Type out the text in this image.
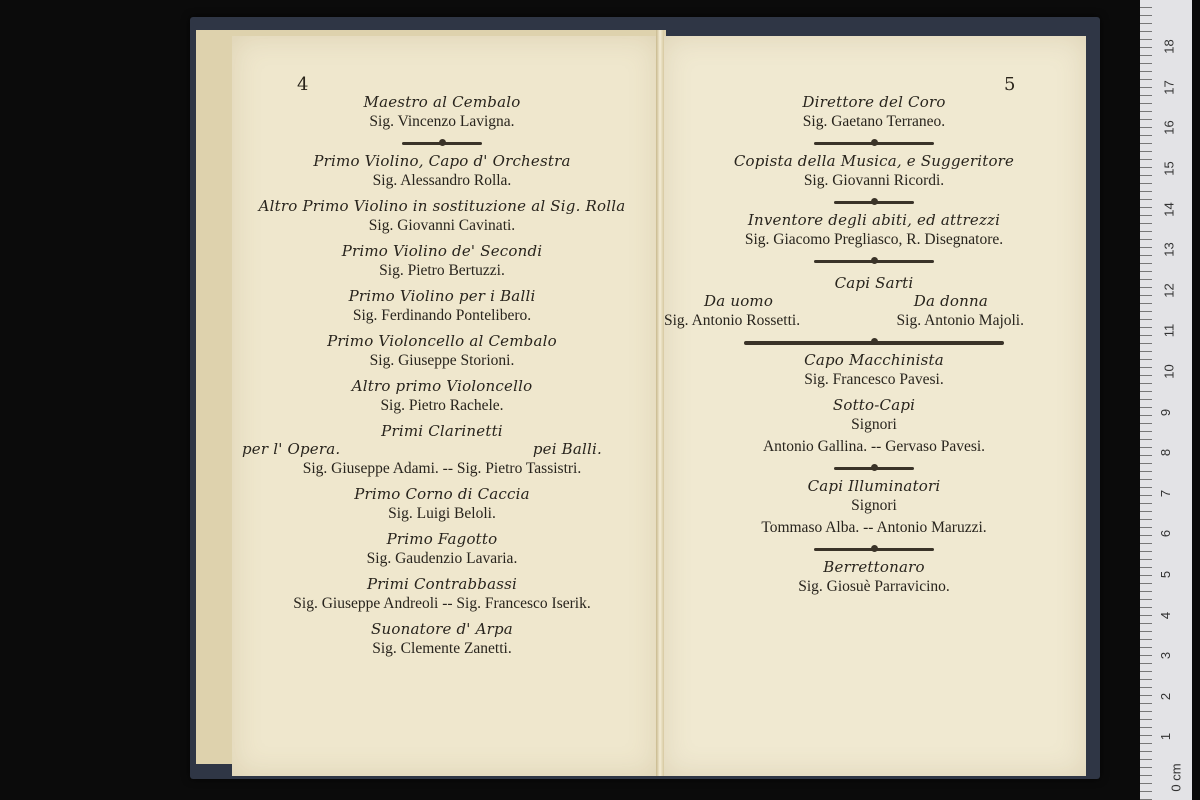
4	5
Maestro al Cembalo
Sig. Vincenzo Lavigna.
Primo Violino, Capo d' Orchestra
Sig. Alessandro Rolla.
Altro Primo Violino in sostituzione al Sig. Rolla
Sig. Giovanni Cavinati.
Primo Violino de' Secondi
Sig. Pietro Bertuzzi.
Primo Violino per i Balli
Sig. Ferdinando Pontelibero.
Primo Violoncello al Cembalo
Sig. Giuseppe Storioni.
Altro primo Violoncello
Sig. Pietro Rachele.
Primi Clarinetti
per l' Opera.	pei Balli.
Sig. Giuseppe Adami. -- Sig. Pietro Tassistri.
Primo Corno di Caccia
Sig. Luigi Beloli.
Primo Fagotto
Sig. Gaudenzio Lavaria.
Primi Contrabbassi
Sig. Giuseppe Andreoli -- Sig. Francesco Iserik.
Suonatore d' Arpa
Sig. Clemente Zanetti.
Direttore del Coro
Sig. Gaetano Terraneo.
Copista della Musica, e Suggeritore
Sig. Giovanni Ricordi.
Inventore degli abiti, ed attrezzi
Sig. Giacomo Pregliasco, R. Disegnatore.
Capi Sarti
Da uomo	Da donna
Sig. Antonio Rossetti.	Sig. Antonio Majoli.
Capo Macchinista
Sig. Francesco Pavesi.
Sotto-Capi
Signori
Antonio Gallina. -- Gervaso Pavesi.
Capi Illuminatori
Signori
Tommaso Alba. -- Antonio Maruzzi.
Berrettonaro
Sig. Giosuè Parravicino.
0 cm
1
2
3
4
5
6
7
8
9
10
11
12
13
14
15
16
17
18
